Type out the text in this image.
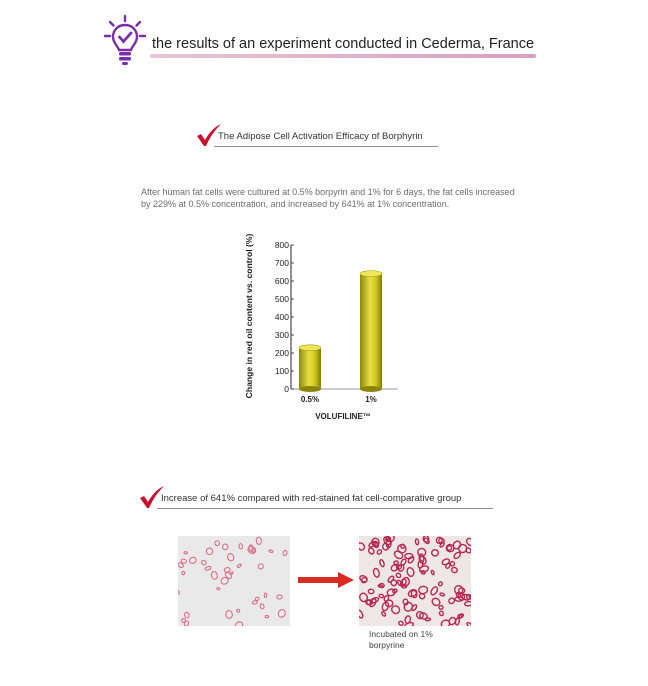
the results of an experiment conducted in Cederma, France
The Adipose Cell Activation Efficacy of Borphyrin
After human fat cells were cultured at 0.5% borpyrin and 1% for 6 days, the fat cells increased by 229% at 0.5% concentration, and increased by 641% at 1% concentration.
Change in red oil content vs. control (%)	0
100
200
300
400
500
600
700
800
0.5%	1%
VOLUFILINE™
Increase of 641% compared with red-stained fat cell-comparative group
Incubated on 1% borpyrine
